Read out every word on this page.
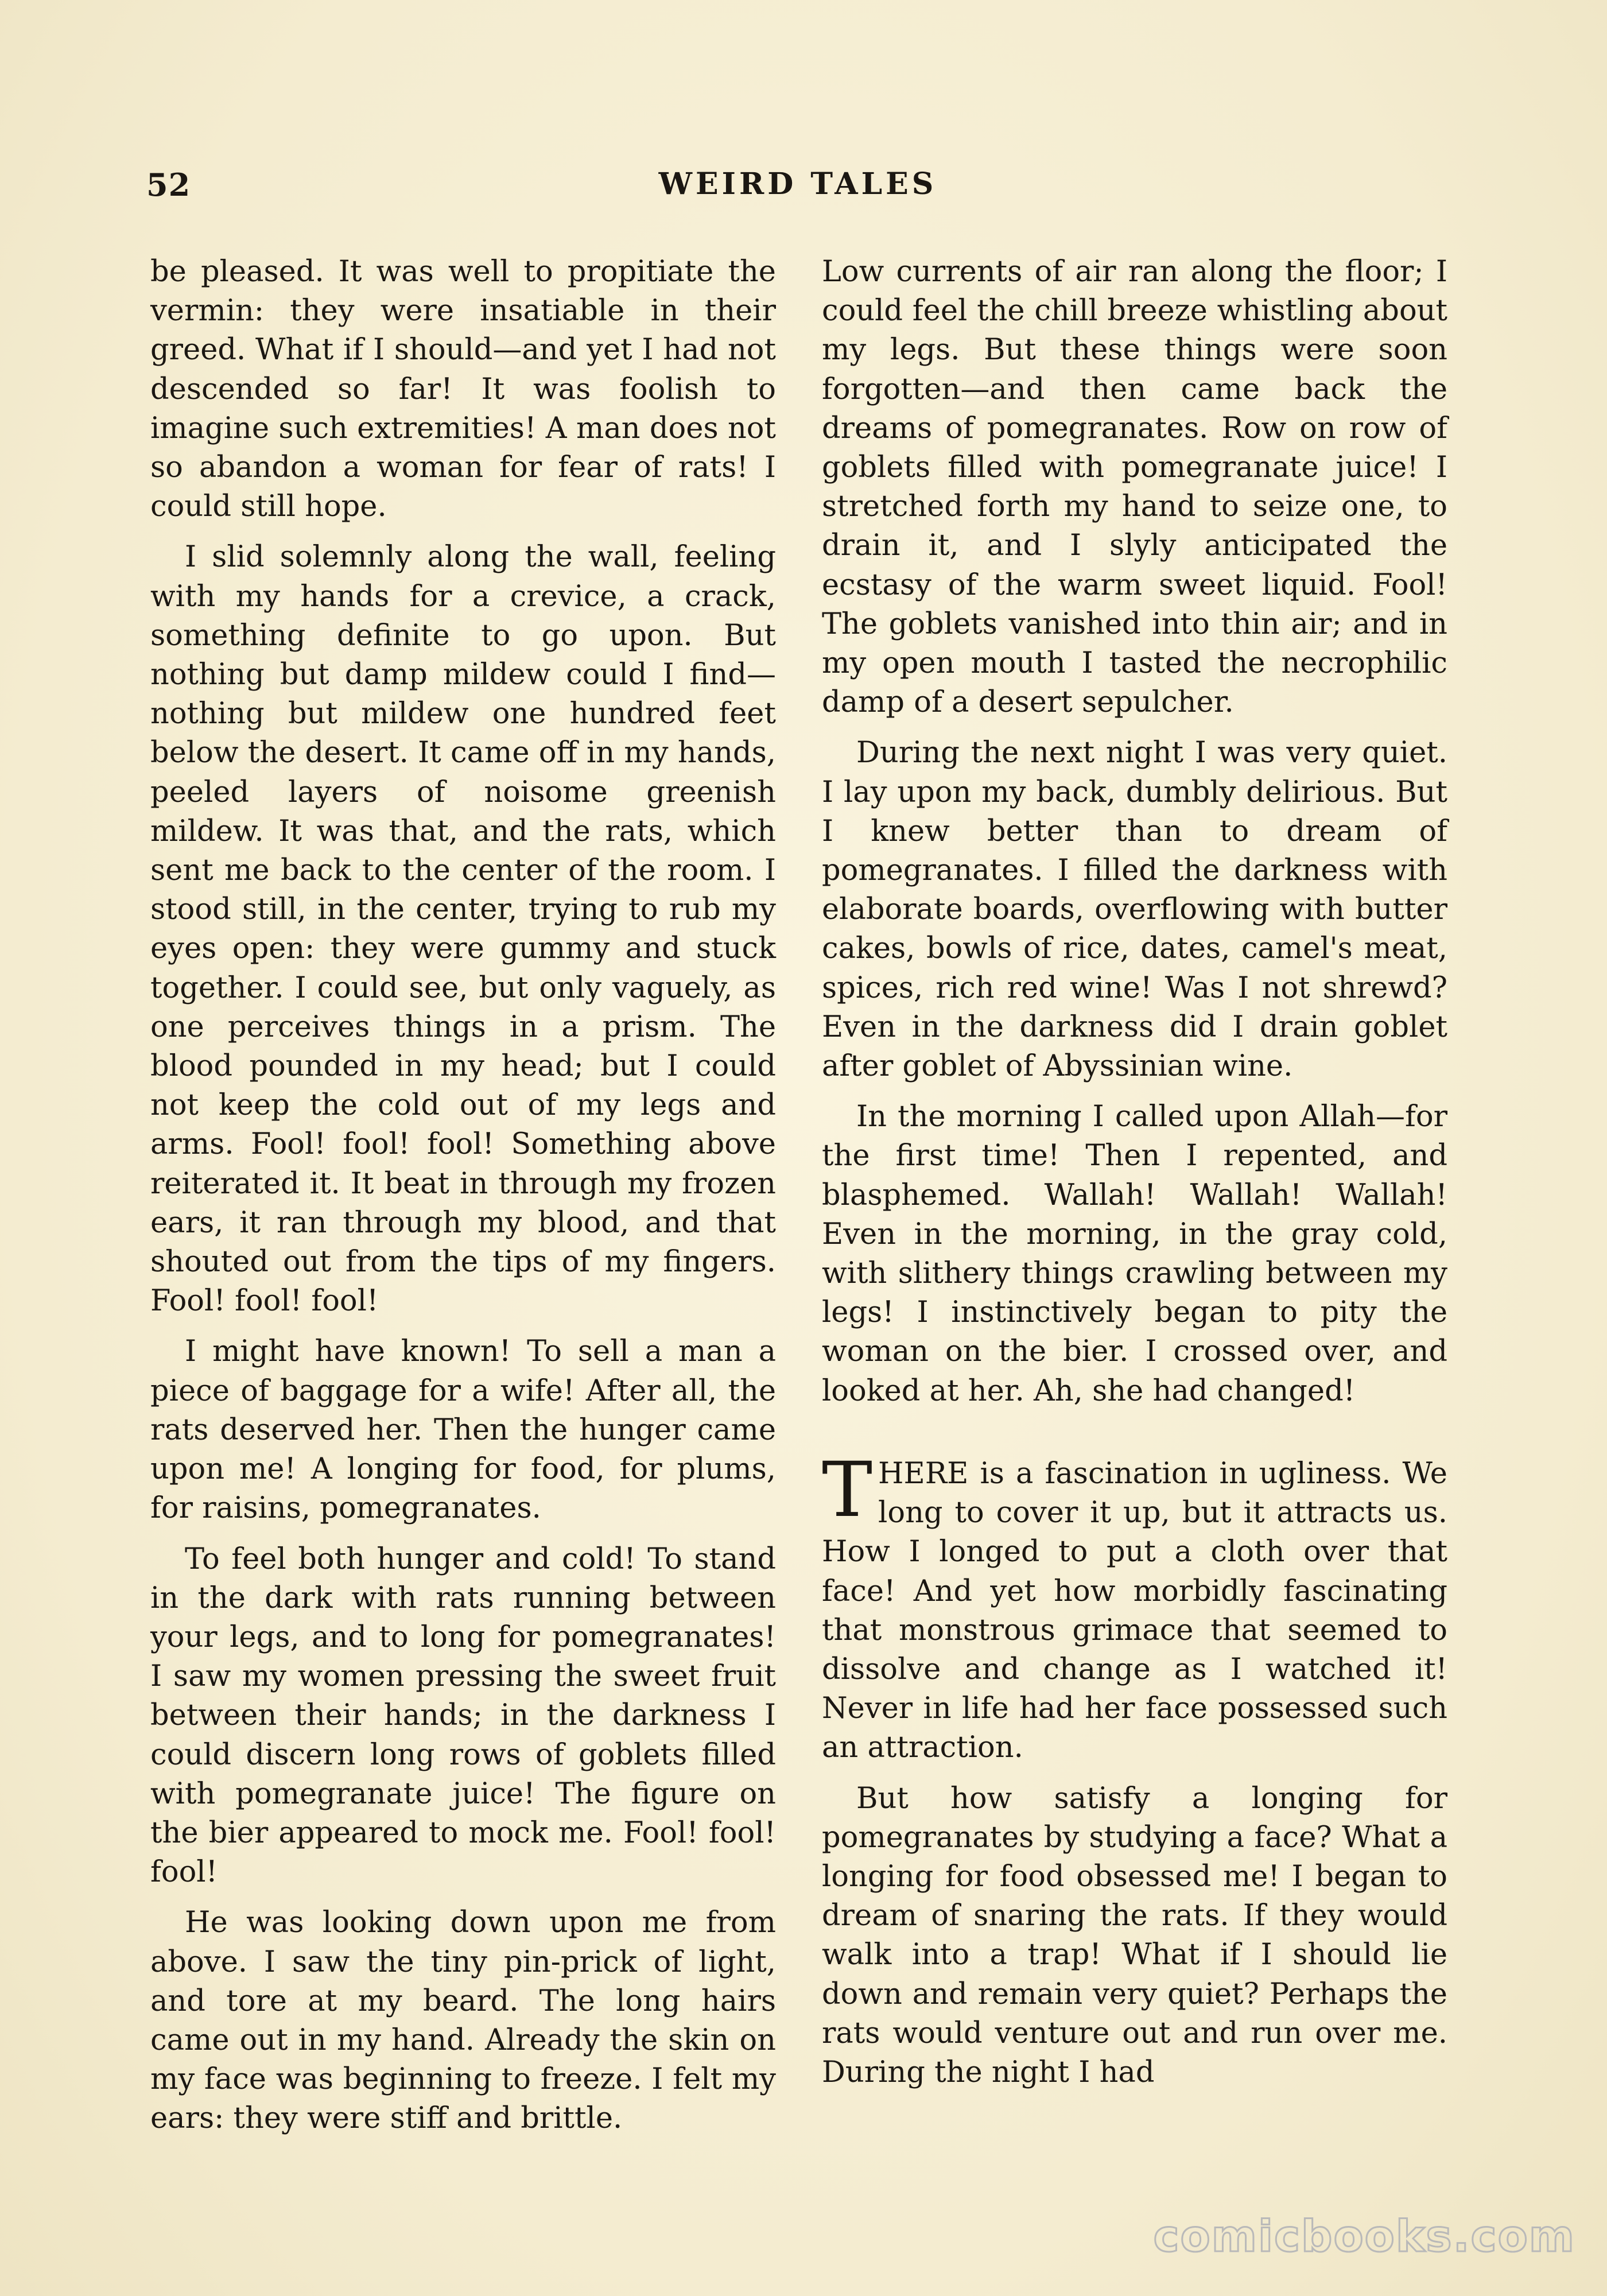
52	WEIRD TALES

be pleased. It was well to propitiate the vermin: they were insatiable in their greed. What if I should—and yet I had not descended so far! It was foolish to imagine such extremities! A man does not so abandon a woman for fear of rats! I could still hope.

I slid solemnly along the wall, feeling with my hands for a crevice, a crack, something definite to go upon. But nothing but damp mildew could I find—nothing but mildew one hundred feet below the desert. It came off in my hands, peeled layers of noisome greenish mildew. It was that, and the rats, which sent me back to the center of the room. I stood still, in the center, trying to rub my eyes open: they were gummy and stuck together. I could see, but only vaguely, as one perceives things in a prism. The blood pounded in my head; but I could not keep the cold out of my legs and arms. Fool! fool! fool! Something above reiterated it. It beat in through my frozen ears, it ran through my blood, and that shouted out from the tips of my fingers. Fool! fool! fool!

I might have known! To sell a man a piece of baggage for a wife! After all, the rats deserved her. Then the hunger came upon me! A longing for food, for plums, for raisins, pomegranates.

To feel both hunger and cold! To stand in the dark with rats running between your legs, and to long for pomegranates! I saw my women pressing the sweet fruit between their hands; in the darkness I could discern long rows of goblets filled with pomegranate juice! The figure on the bier appeared to mock me. Fool! fool! fool!

He was looking down upon me from above. I saw the tiny pin-prick of light, and tore at my beard. The long hairs came out in my hand. Already the skin on my face was beginning to freeze. I felt my ears: they were stiff and brittle.

Low currents of air ran along the floor; I could feel the chill breeze whistling about my legs. But these things were soon forgotten—and then came back the dreams of pomegranates. Row on row of goblets filled with pomegranate juice! I stretched forth my hand to seize one, to drain it, and I slyly anticipated the ecstasy of the warm sweet liquid. Fool! The goblets vanished into thin air; and in my open mouth I tasted the necrophilic damp of a desert sepulcher.

During the next night I was very quiet. I lay upon my back, dumbly delirious. But I knew better than to dream of pomegranates. I filled the darkness with elaborate boards, overflowing with butter cakes, bowls of rice, dates, camel's meat, spices, rich red wine! Was I not shrewd? Even in the darkness did I drain goblet after goblet of Abyssinian wine.

In the morning I called upon Allah—for the first time! Then I repented, and blasphemed. Wallah! Wallah! Wallah! Even in the morning, in the gray cold, with slithery things crawling between my legs! I instinctively began to pity the woman on the bier. I crossed over, and looked at her. Ah, she had changed!

THERE is a fascination in ugliness. We long to cover it up, but it attracts us. How I longed to put a cloth over that face! And yet how morbidly fascinating that monstrous grimace that seemed to dissolve and change as I watched it! Never in life had her face possessed such an attraction.

But how satisfy a longing for pomegranates by studying a face? What a longing for food obsessed me! I began to dream of snaring the rats. If they would walk into a trap! What if I should lie down and remain very quiet? Perhaps the rats would venture out and run over me. During the night I had

comicbooks.com
